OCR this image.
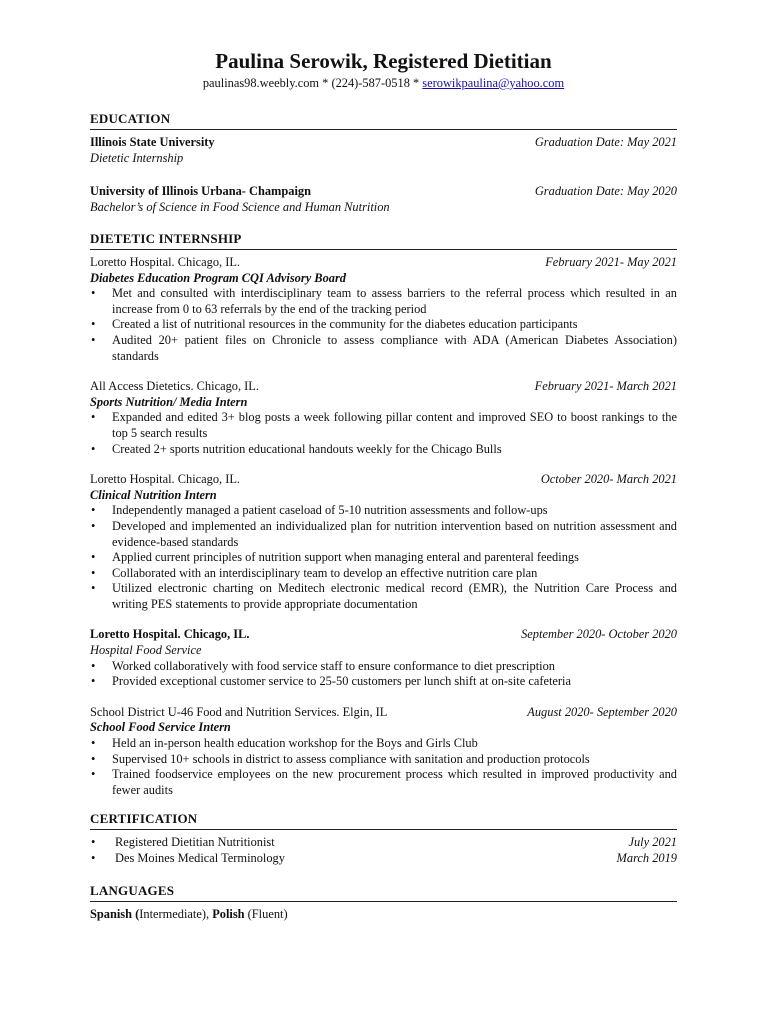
Paulina Serowik, Registered Dietitian
paulinas98.weebly.com * (224)-587-0518 * serowikpaulina@yahoo.com
EDUCATION
Illinois State University	Graduation Date: May 2021
Dietetic Internship
University of Illinois Urbana- Champaign	Graduation Date: May 2020
Bachelor’s of Science in Food Science and Human Nutrition
DIETETIC INTERNSHIP
Loretto Hospital. Chicago, IL.	February 2021- May 2021
Diabetes Education Program CQI Advisory Board
• Met and consulted with interdisciplinary team to assess barriers to the referral process which resulted in an increase from 0 to 63 referrals by the end of the tracking period
• Created a list of nutritional resources in the community for the diabetes education participants
• Audited 20+ patient files on Chronicle to assess compliance with ADA (American Diabetes Association) standards
All Access Dietetics. Chicago, IL.	February 2021- March 2021
Sports Nutrition/ Media Intern
• Expanded and edited 3+ blog posts a week following pillar content and improved SEO to boost rankings to the top 5 search results
• Created 2+ sports nutrition educational handouts weekly for the Chicago Bulls
Loretto Hospital. Chicago, IL.	October 2020- March 2021
Clinical Nutrition Intern
• Independently managed a patient caseload of 5-10 nutrition assessments and follow-ups
• Developed and implemented an individualized plan for nutrition intervention based on nutrition assessment and evidence-based standards
• Applied current principles of nutrition support when managing enteral and parenteral feedings
• Collaborated with an interdisciplinary team to develop an effective nutrition care plan
• Utilized electronic charting on Meditech electronic medical record (EMR), the Nutrition Care Process and writing PES statements to provide appropriate documentation
Loretto Hospital. Chicago, IL.	September 2020- October 2020
Hospital Food Service
• Worked collaboratively with food service staff to ensure conformance to diet prescription
• Provided exceptional customer service to 25-50 customers per lunch shift at on-site cafeteria
School District U-46 Food and Nutrition Services. Elgin, IL	August 2020- September 2020
School Food Service Intern
• Held an in-person health education workshop for the Boys and Girls Club
• Supervised 10+ schools in district to assess compliance with sanitation and production protocols
• Trained foodservice employees on the new procurement process which resulted in improved productivity and fewer audits
CERTIFICATION
• Registered Dietitian Nutritionist	July 2021
• Des Moines Medical Terminology	March 2019
LANGUAGES
Spanish (Intermediate), Polish (Fluent)
